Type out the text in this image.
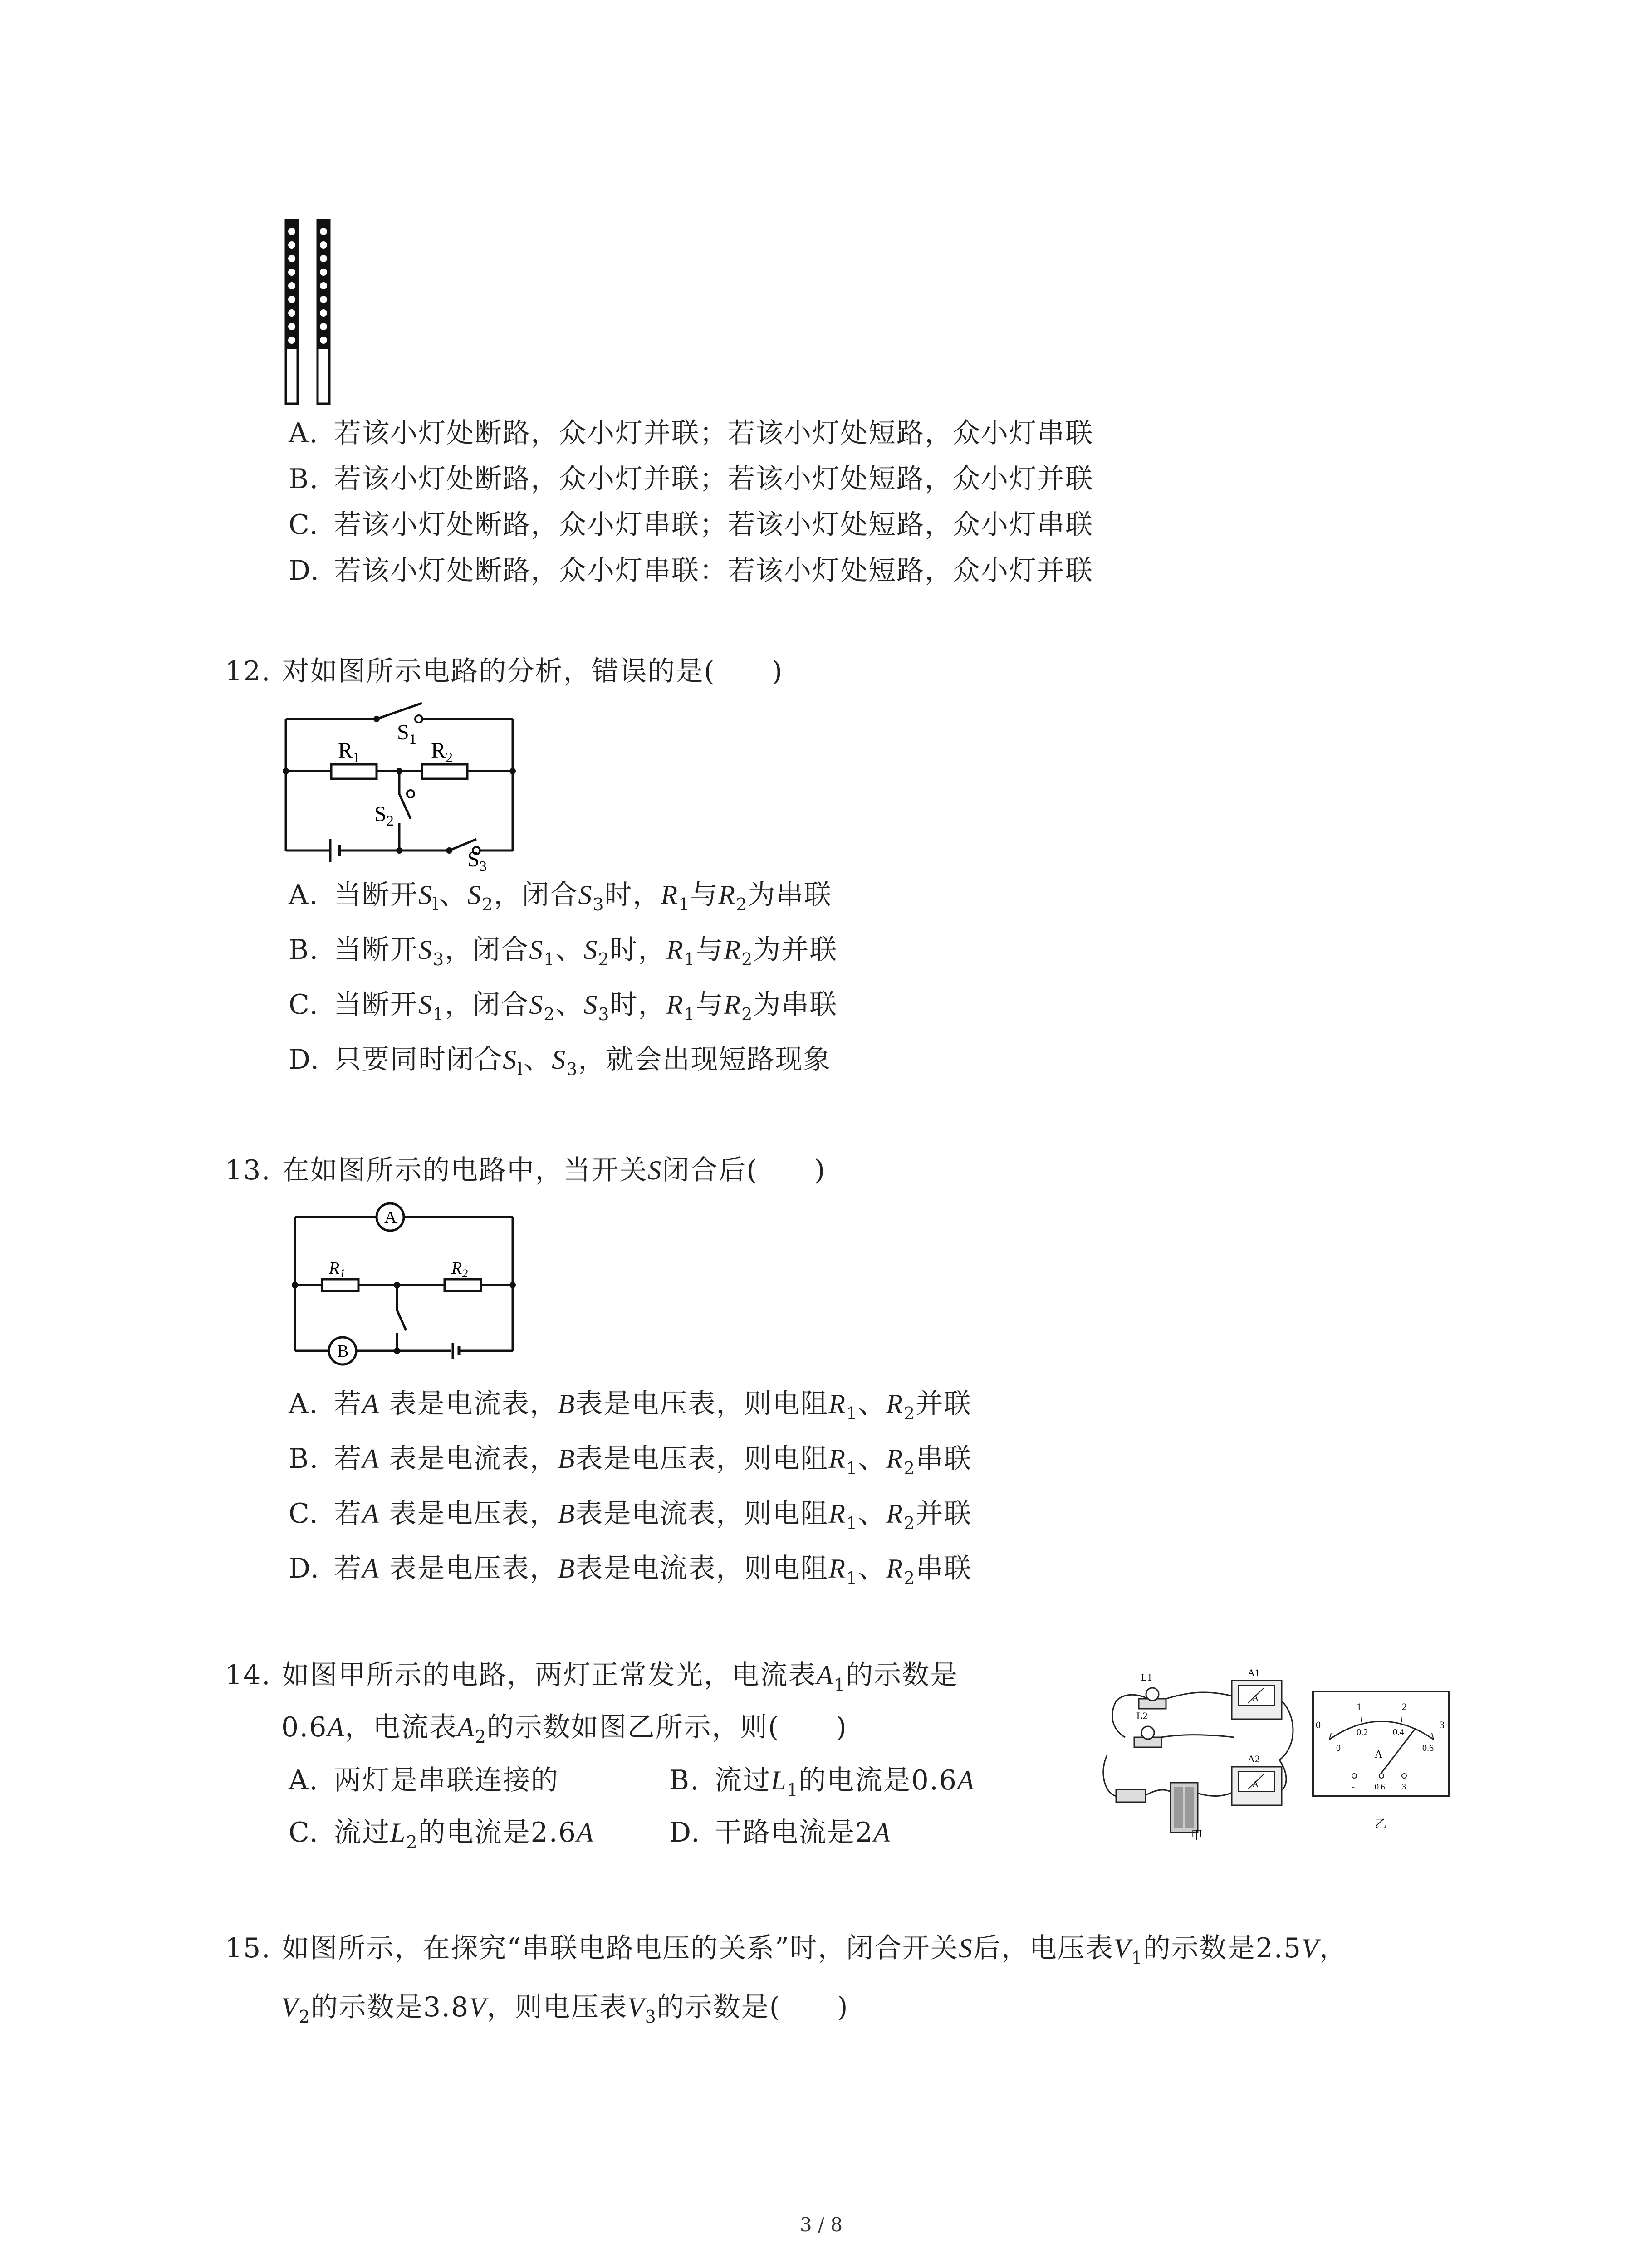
A. 若该小灯处断路，众小灯并联；若该小灯处短路，众小灯串联
B. 若该小灯处断路，众小灯并联；若该小灯处短路，众小灯并联
C. 若该小灯处断路，众小灯串联；若该小灯处短路，众小灯串联
D. 若该小灯处断路，众小灯串联：若该小灯处短路，众小灯并联
12. 对如图所示电路的分析，错误的是(　　)
$S_1$
$R_1$	$R_2$
$S_2$
$S_3$
A. 当断开$S_l$、$S_2$，闭合$S_3$时，$R_1$与$R_2$为串联
B. 当断开$S_3$，闭合$S_1$、$S_2$时，$R_1$与$R_2$为并联
C. 当断开$S_1$，闭合$S_2$、$S_3$时，$R_1$与$R_2$为串联
D. 只要同时闭合$S_l$、$S_3$，就会出现短路现象
13. 在如图所示的电路中，当开关S闭合后(　　)
A
B
$R_1$	$R_2$
A. 若A 表是电流表，B表是电压表，则电阻$R_1$、$R_2$并联
B. 若A 表是电流表，B表是电压表，则电阻$R_1$、$R_2$串联
C. 若A 表是电压表，B表是电流表，则电阻$R_1$、$R_2$并联
D. 若A 表是电压表，B表是电流表，则电阻$R_1$、$R_2$串联
14. 如图甲所示的电路，两灯正常发光，电流表$A_1$的示数是
0.6A，电流表$A_2$的示数如图乙所示，则(　　)
A. 两灯是串联连接的	B. 流过$L_1$的电流是0.6A
C. 流过$L_2$的电流是2.6A	D. 干路电流是2A
L1
L2
A
A1
A
A2
甲
0
1	2
3
0
0.2	0.4
0.6
A
- 0.6 3
乙
15. 如图所示，在探究“串联电路电压的关系”时，闭合开关S后，电压表$V_1$的示数是2.5V，
$V_2$的示数是3.8V，则电压表$V_3$的示数是(　　)
3 / 8
